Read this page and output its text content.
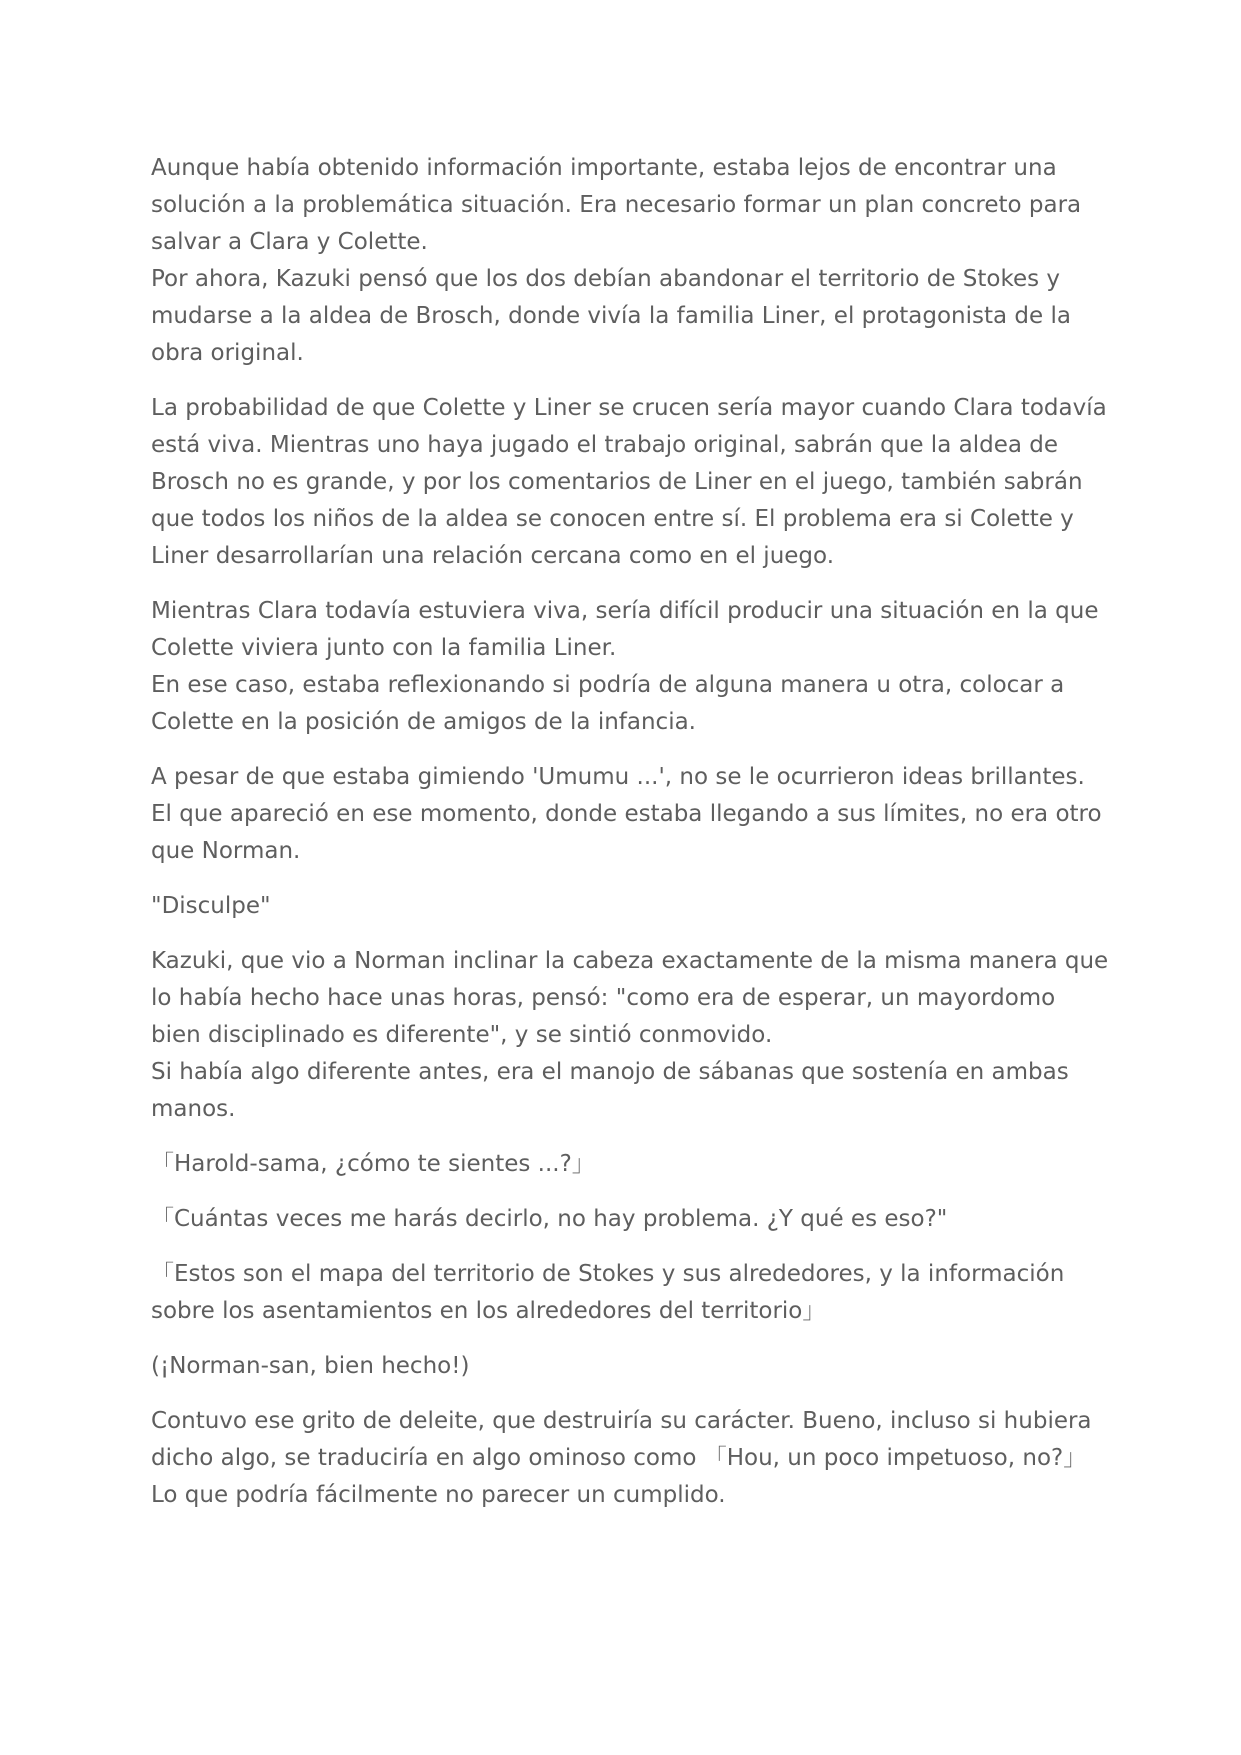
Aunque había obtenido información importante, estaba lejos de encontrar una
solución a la problemática situación. Era necesario formar un plan concreto para
salvar a Clara y Colette.
Por ahora, Kazuki pensó que los dos debían abandonar el territorio de Stokes y
mudarse a la aldea de Brosch, donde vivía la familia Liner, el protagonista de la
obra original.

La probabilidad de que Colette y Liner se crucen sería mayor cuando Clara todavía
está viva. Mientras uno haya jugado el trabajo original, sabrán que la aldea de
Brosch no es grande, y por los comentarios de Liner en el juego, también sabrán
que todos los niños de la aldea se conocen entre sí. El problema era si Colette y
Liner desarrollarían una relación cercana como en el juego.

Mientras Clara todavía estuviera viva, sería difícil producir una situación en la que
Colette viviera junto con la familia Liner.
En ese caso, estaba reflexionando si podría de alguna manera u otra, colocar a
Colette en la posición de amigos de la infancia.

A pesar de que estaba gimiendo 'Umumu ...', no se le ocurrieron ideas brillantes.
El que apareció en ese momento, donde estaba llegando a sus límites, no era otro
que Norman.

"Disculpe"

Kazuki, que vio a Norman inclinar la cabeza exactamente de la misma manera que
lo había hecho hace unas horas, pensó: "como era de esperar, un mayordomo
bien disciplinado es diferente", y se sintió conmovido.
Si había algo diferente antes, era el manojo de sábanas que sostenía en ambas
manos.

「Harold-sama, ¿cómo te sientes ...?」

「Cuántas veces me harás decirlo, no hay problema. ¿Y qué es eso?"

「Estos son el mapa del territorio de Stokes y sus alrededores, y la información
sobre los asentamientos en los alrededores del territorio」

(¡Norman-san, bien hecho!)

Contuvo ese grito de deleite, que destruiría su carácter. Bueno, incluso si hubiera
dicho algo, se traduciría en algo ominoso como 「Hou, un poco impetuoso, no?」
Lo que podría fácilmente no parecer un cumplido.
